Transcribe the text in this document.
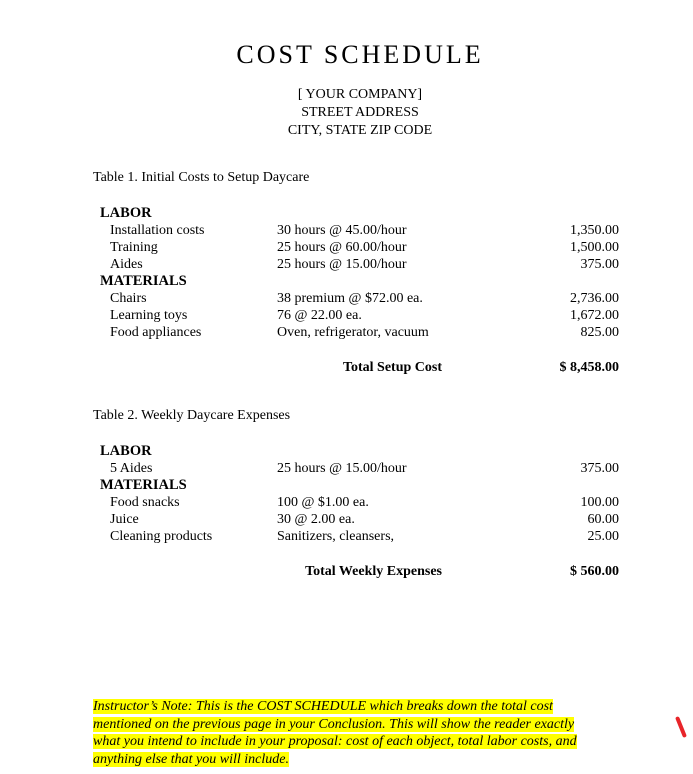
COST SCHEDULE
[ YOUR COMPANY]
STREET ADDRESS
CITY, STATE ZIP CODE
Table 1. Initial Costs to Setup Daycare
LABOR
Installation costs	30 hours @ 45.00/hour	1,350.00
Training	25 hours @ 60.00/hour	1,500.00
Aides	25 hours @ 15.00/hour	375.00
MATERIALS
Chairs	38 premium @ $72.00 ea.	2,736.00
Learning toys	76 @ 22.00 ea.	1,672.00
Food appliances	Oven, refrigerator, vacuum	825.00
Total Setup Cost	$ 8,458.00
Table 2. Weekly Daycare Expenses
LABOR
5 Aides	25 hours @ 15.00/hour	375.00
MATERIALS
Food snacks	100 @ $1.00 ea.	100.00
Juice	30 @ 2.00 ea.	60.00
Cleaning products	Sanitizers, cleansers,	25.00
Total Weekly Expenses	$ 560.00
Instructor’s Note: This is the COST SCHEDULE which breaks down the total cost
mentioned on the previous page in your Conclusion. This will show the reader exactly
what you intend to include in your proposal: cost of each object, total labor costs, and
anything else that you will include.
